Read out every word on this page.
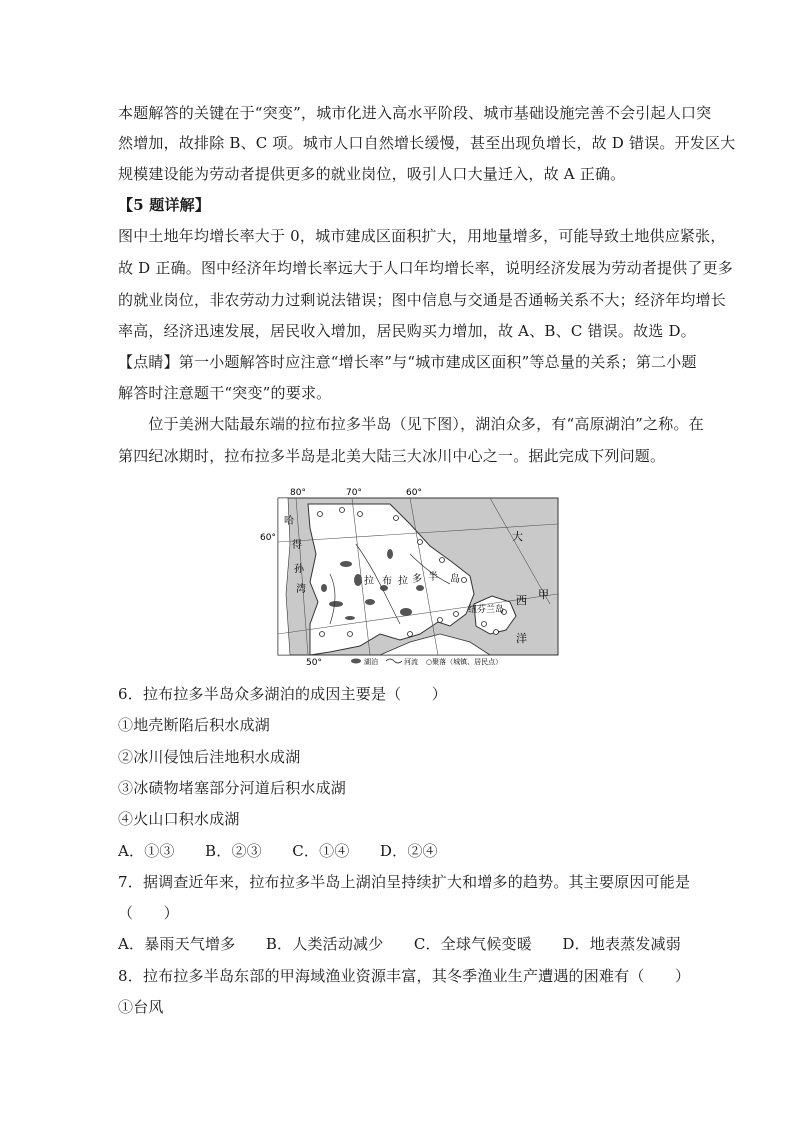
本题解答的关键在于“突变”，城市化进入高水平阶段、城市基础设施完善不会引起人口突
然增加，故排除 B、C 项。城市人口自然增长缓慢，甚至出现负增长，故 D 错误。开发区大
规模建设能为劳动者提供更多的就业岗位，吸引人口大量迁入，故 A 正确。
【5 题详解】
图中土地年均增长率大于 0，城市建成区面积扩大，用地量增多，可能导致土地供应紧张，
故 D 正确。图中经济年均增长率远大于人口年均增长率，说明经济发展为劳动者提供了更多
的就业岗位，非农劳动力过剩说法错误；图中信息与交通是否通畅关系不大；经济年均增长
率高，经济迅速发展，居民收入增加，居民购买力增加，故 A、B、C 错误。故选 D。
【点睛】第一小题解答时应注意“增长率”与“城市建成区面积”等总量的关系；第二小题
解答时注意题干“突变”的要求。
　　位于美洲大陆最东端的拉布拉多半岛（见下图），湖泊众多，有“高原湖泊”之称。在
第四纪冰期时，拉布拉多半岛是北美大陆三大冰川中心之一。据此完成下列问题。
6．拉布拉多半岛众多湖泊的成因主要是（　　）
①地壳断陷后积水成湖
②冰川侵蚀后洼地积水成湖
③冰碛物堵塞部分河道后积水成湖
④火山口积水成湖
A．①③　　B．②③　　C．①④　　D．②④
7．据调查近年来，拉布拉多半岛上湖泊呈持续扩大和增多的趋势。其主要原因可能是
（　　）
A．暴雨天气增多　　B．人类活动减少　　C．全球气候变暖　　D．地表蒸发减弱
8．拉布拉多半岛东部的甲海域渔业资源丰富，其冬季渔业生产遭遇的困难有（　　）
①台风
80°	70°	60°
50°
60°
哈
得
孙
湾
拉 布 拉 多 半 岛
大
西
洋
甲
纽芬兰岛
湖泊	河流 ○聚落（城镇、居民点）
